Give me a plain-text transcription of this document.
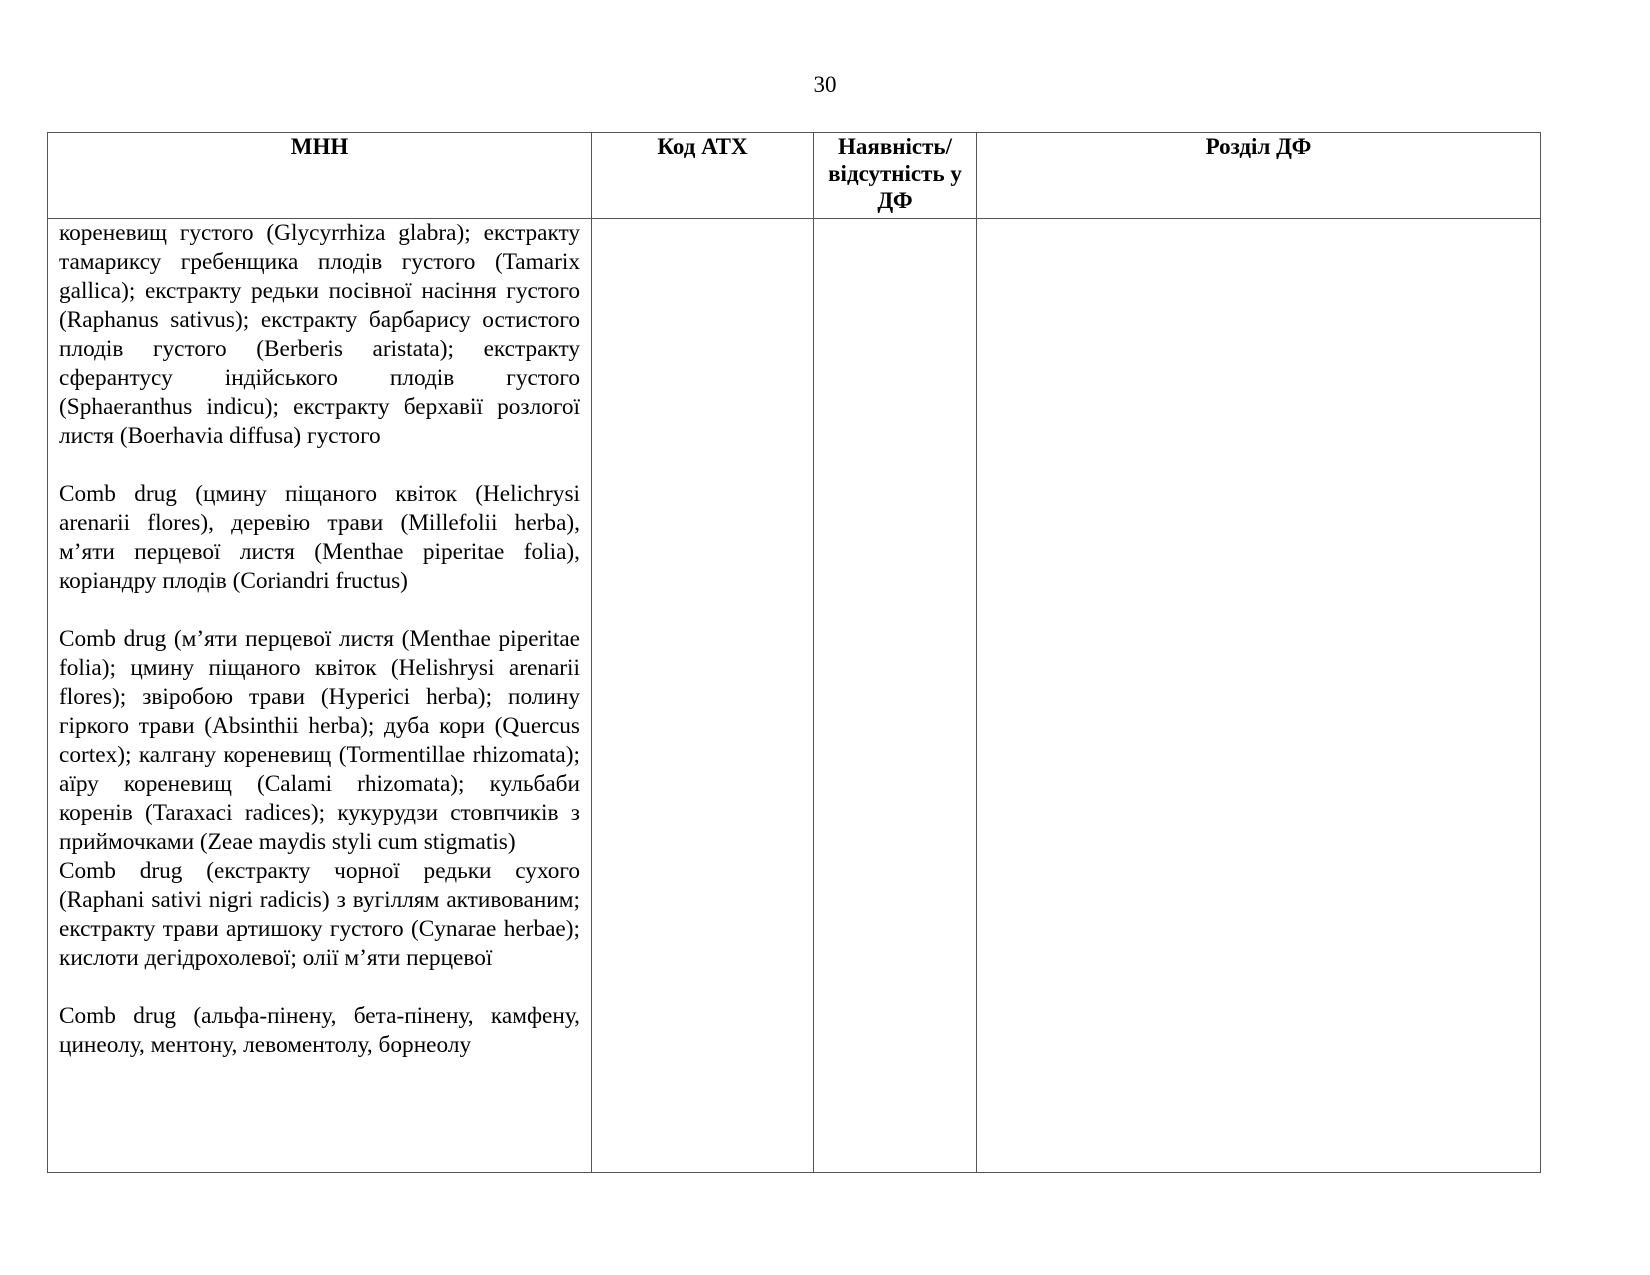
30
МНН	Код АТХ	Наявність/відсутність у ДФ	Розділ ДФ

кореневищ густого (Glycyrrhiza glabra); екстракту тамариксу гребенщика плодів густого (Tamarix gallica); екстракту редьки посівної насіння густого (Raphanus sativus); екстракту барбарису остистого плодів густого (Berberis aristata); екстракту сферантусу індійського плодів густого (Sphaeranthus indicu); екстракту берхавії розлогої листя (Boerhavia diffusa) густого
Comb drug (цмину піщаного квіток (Helichrysi arenarii flores), деревію трави (Millefolii herba), м’яти перцевої листя (Menthae piperitae folia), коріандру плодів (Coriandri fructus)
Comb drug (м’яти перцевої листя (Menthae piperitae folia); цмину піщаного квіток (Helishrysi arenarii flores); звіробою трави (Hyperici herba); полину гіркого трави (Absinthii herba); дуба кори (Quercus cortex); калгану кореневищ (Tormentillae rhizomata); аїру кореневищ (Calami rhizomata); кульбаби коренів (Taraxaci radices); кукурудзи стовпчиків з приймочками (Zeae maydis styli cum stigmatis)
Comb drug (екстракту чорної редьки сухого (Raphani sativi nigri radicis) з вугіллям активованим; екстракту трави артишоку густого (Cynarae herbae); кислоти дегідрохолевої; олії м’яти перцевої
Comb drug (альфа-пінену, бета-пінену, камфену, цинеолу, ментону, левоментолу, борнеолу			
